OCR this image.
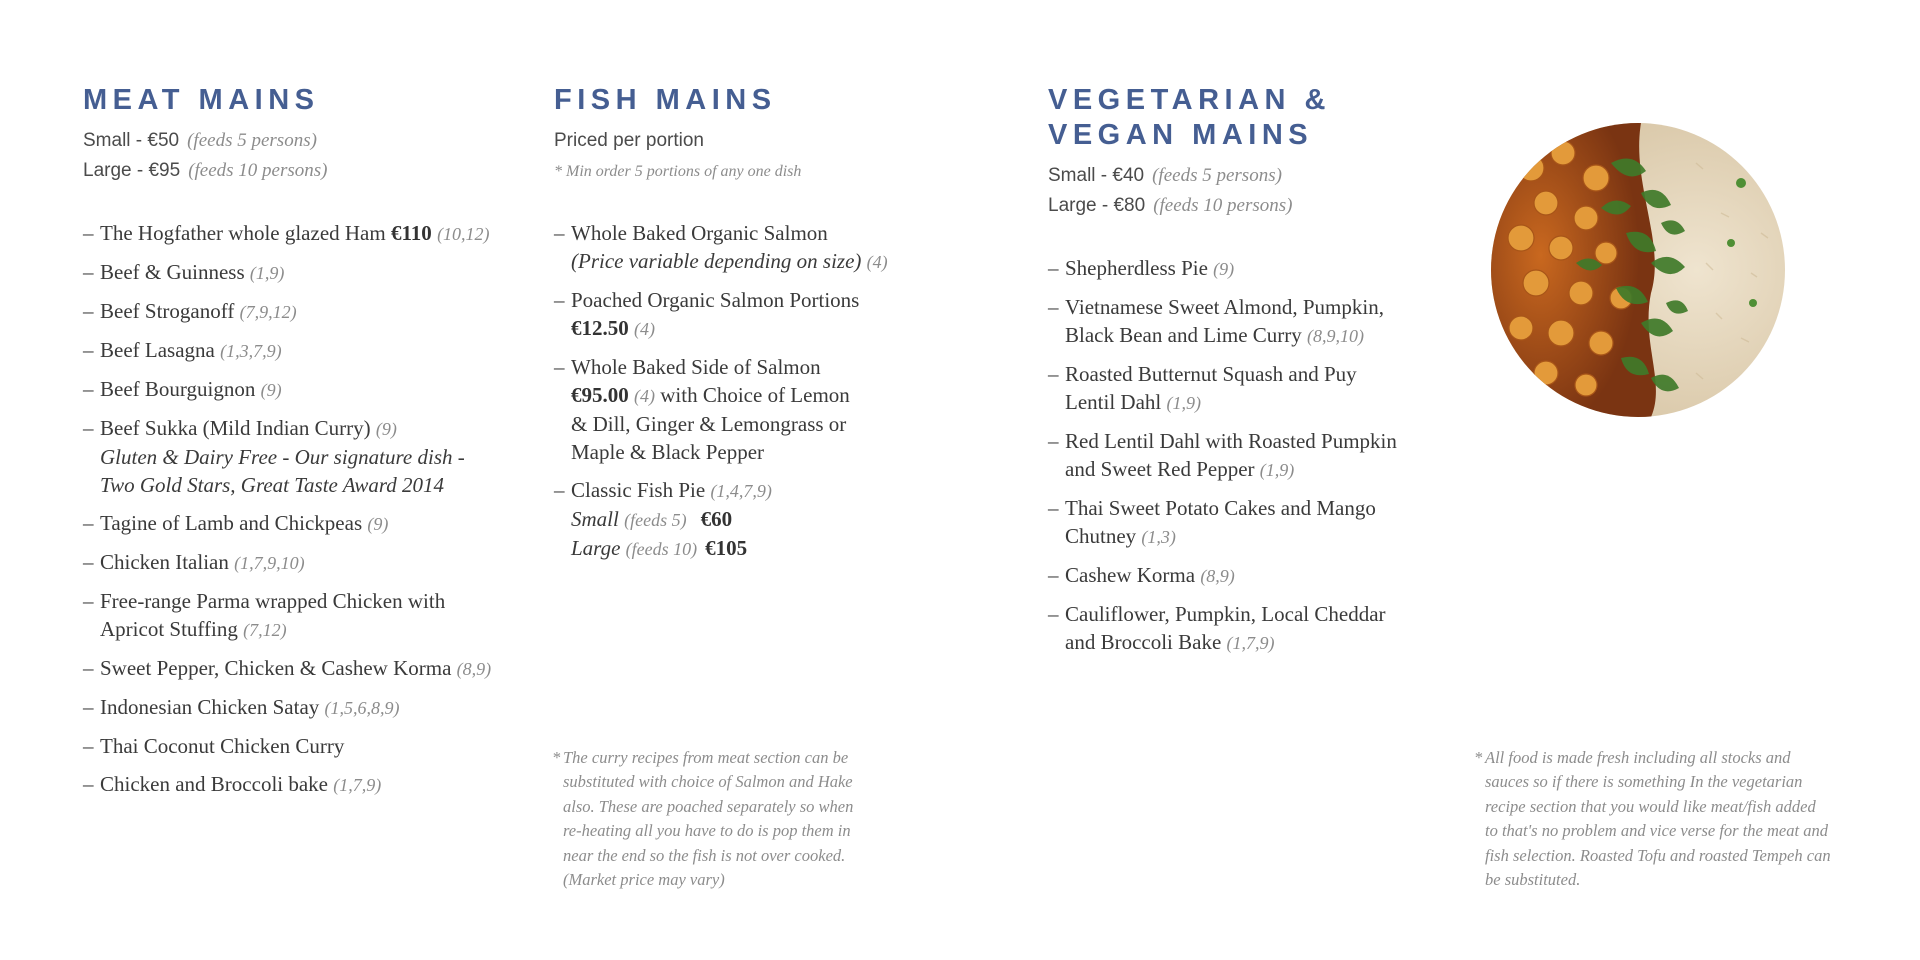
MEAT MAINS
Small - €50 (feeds 5 persons)
Large - €95 (feeds 10 persons)
– The Hogfather whole glazed Ham €110 (10,12)
– Beef & Guinness (1,9)
– Beef Stroganoff (7,9,12)
– Beef Lasagna (1,3,7,9)
– Beef Bourguignon (9)
– Beef Sukka (Mild Indian Curry) (9)
Gluten & Dairy Free - Our signature dish -
Two Gold Stars, Great Taste Award 2014
– Tagine of Lamb and Chickpeas (9)
– Chicken Italian (1,7,9,10)
– Free-range Parma wrapped Chicken with
Apricot Stuffing (7,12)
– Sweet Pepper, Chicken & Cashew Korma (8,9)
– Indonesian Chicken Satay (1,5,6,8,9)
– Thai Coconut Chicken Curry
– Chicken and Broccoli bake (1,7,9)
FISH MAINS
Priced per portion
* Min order 5 portions of any one dish
– Whole Baked Organic Salmon
(Price variable depending on size) (4)
– Poached Organic Salmon Portions
€12.50 (4)
– Whole Baked Side of Salmon
€95.00 (4) with Choice of Lemon
& Dill, Ginger & Lemongrass or
Maple & Black Pepper
– Classic Fish Pie (1,4,7,9)
Small (feeds 5) €60
Large (feeds 10) €105
* The curry recipes from meat section can be
substituted with choice of Salmon and Hake
also. These are poached separately so when
re-heating all you have to do is pop them in
near the end so the fish is not over cooked.
(Market price may vary)
VEGETARIAN &
VEGAN MAINS
Small - €40 (feeds 5 persons)
Large - €80 (feeds 10 persons)
– Shepherdless Pie (9)
– Vietnamese Sweet Almond, Pumpkin,
Black Bean and Lime Curry (8,9,10)
– Roasted Butternut Squash and Puy
Lentil Dahl (1,9)
– Red Lentil Dahl with Roasted Pumpkin
and Sweet Red Pepper (1,9)
– Thai Sweet Potato Cakes and Mango
Chutney (1,3)
– Cashew Korma (8,9)
– Cauliflower, Pumpkin, Local Cheddar
and Broccoli Bake (1,7,9)
* All food is made fresh including all stocks and
sauces so if there is something In the vegetarian
recipe section that you would like meat/fish added
to that's no problem and vice verse for the meat and
fish selection. Roasted Tofu and roasted Tempeh can
be substituted.
